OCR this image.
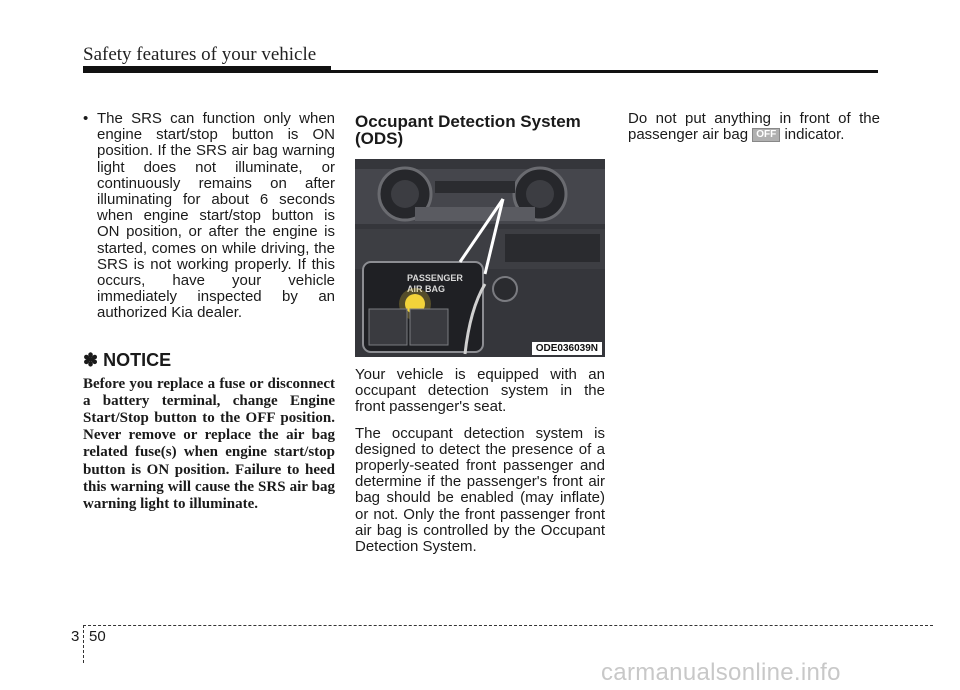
Safety features of your vehicle
• The SRS can function only when engine start/stop button is ON position. If the SRS air bag warning light does not illuminate, or continuously remains on after illuminating for about 6 seconds when engine start/stop button is ON position, or after the engine is started, comes on while driving, the SRS is not working properly. If this occurs, have your vehicle immediately inspected by an authorized Kia dealer.
✽ NOTICE
Before you replace a fuse or disconnect a battery terminal, change Engine Start/Stop button to the OFF position. Never remove or replace the air bag related fuse(s) when engine start/stop button is ON position. Failure to heed this warning will cause the SRS air bag warning light to illuminate.
Occupant Detection System (ODS)
PASSENGER
AIR BAG
ODE036039N

Your vehicle is equipped with an occupant detection system in the front passenger's seat.

The occupant detection system is designed to detect the presence of a properly-seated front passenger and determine if the passenger's front air bag should be enabled (may inflate) or not. Only the front passenger front air bag is controlled by the Occupant Detection System.

Do not put anything in front of the passenger air bag OFF indicator.

3 50
carmanualsonline.info
